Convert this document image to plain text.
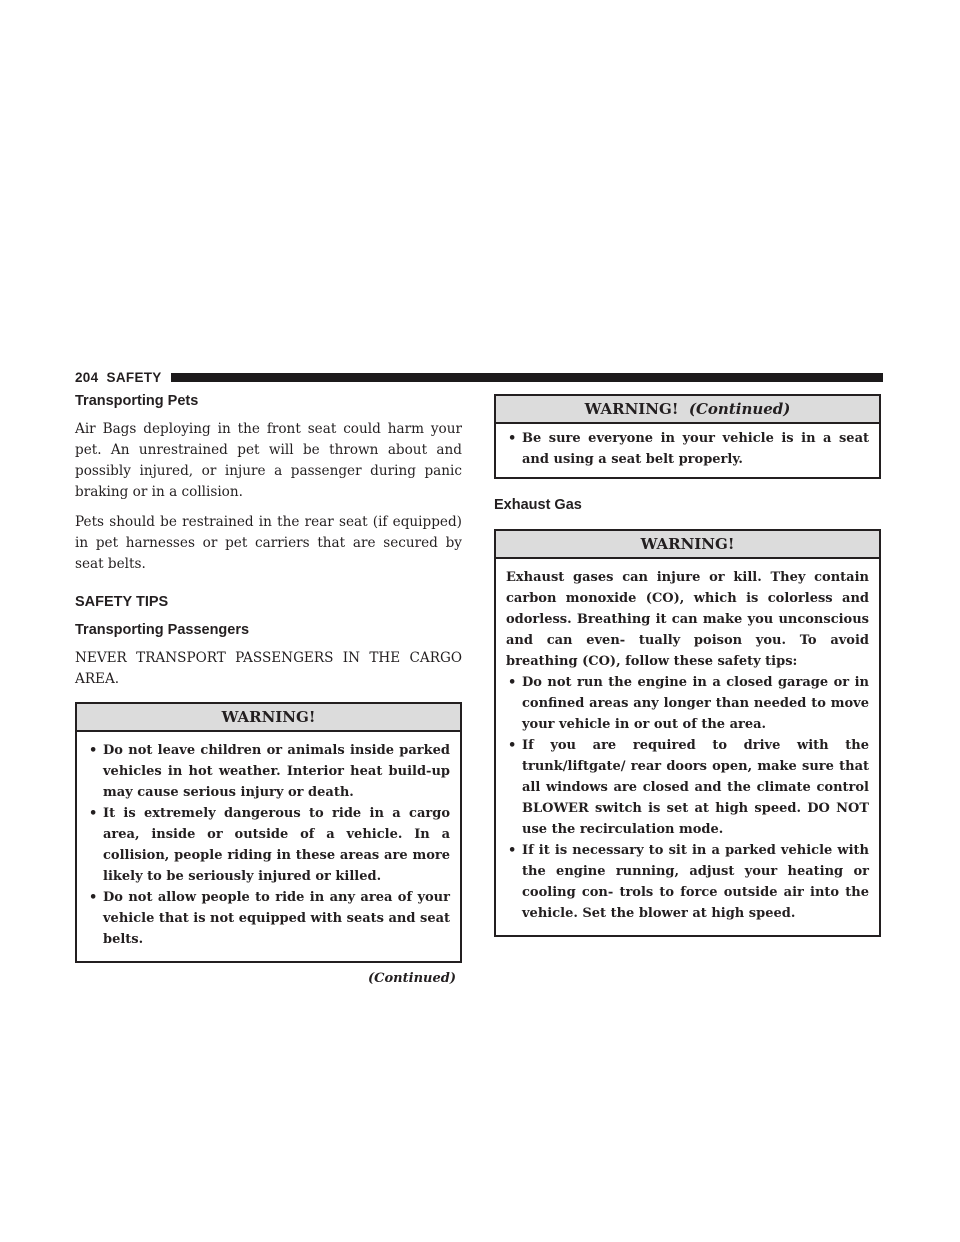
204 SAFETY
Transporting Pets

Air Bags deploying in the front seat could harm your pet. An unrestrained pet will be thrown about and possibly injured, or injure a passenger during panic braking or in a collision.

Pets should be restrained in the rear seat (if equipped) in pet harnesses or pet carriers that are secured by seat belts.

SAFETY TIPS
Transporting Passengers

NEVER TRANSPORT PASSENGERS IN THE CARGO AREA.

WARNING!
• Do not leave children or animals inside parked vehicles in hot weather. Interior heat build-up may cause serious injury or death.
• It is extremely dangerous to ride in a cargo area, inside or outside of a vehicle. In a collision, people riding in these areas are more likely to be seriously injured or killed.
• Do not allow people to ride in any area of your vehicle that is not equipped with seats and seat belts.
(Continued)
WARNING! (Continued)
• Be sure everyone in your vehicle is in a seat and using a seat belt properly.
Exhaust Gas
WARNING!

Exhaust gases can injure or kill. They contain carbon monoxide (CO), which is colorless and odorless. Breathing it can make you unconscious and can even- tually poison you. To avoid breathing (CO), follow these safety tips:

• Do not run the engine in a closed garage or in confined areas any longer than needed to move your vehicle in or out of the area.
• If you are required to drive with the trunk/liftgate/ rear doors open, make sure that all windows are closed and the climate control BLOWER switch is set at high speed. DO NOT use the recirculation mode.
• If it is necessary to sit in a parked vehicle with the engine running, adjust your heating or cooling con- trols to force outside air into the vehicle. Set the blower at high speed.
